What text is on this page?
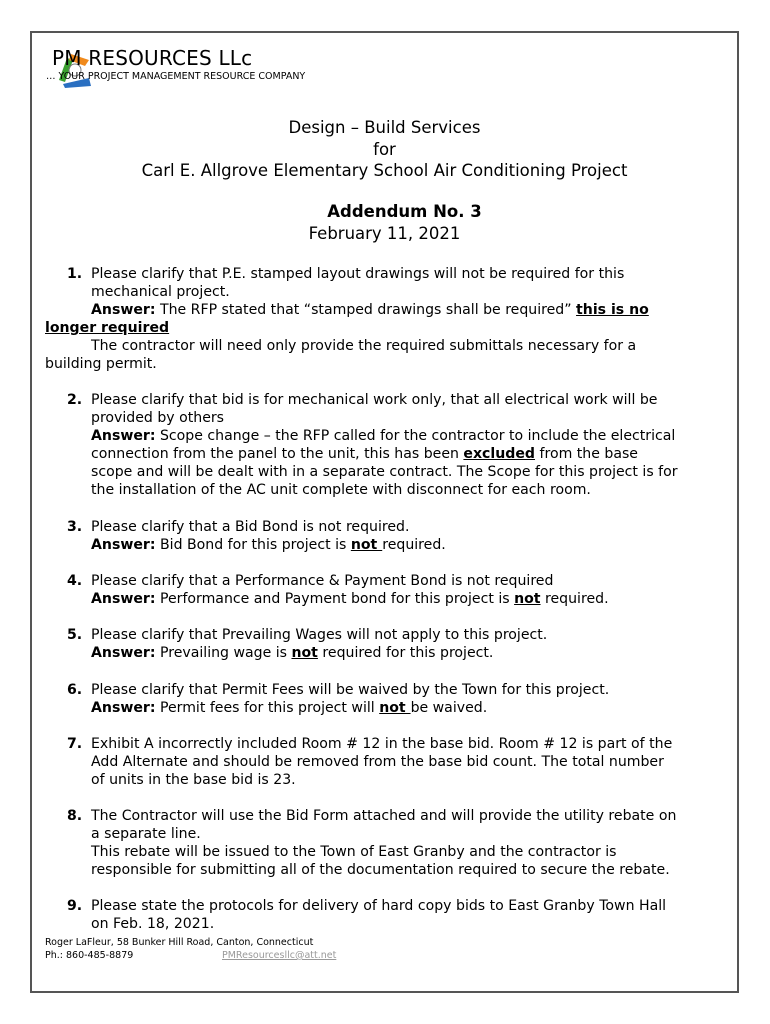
PM RESOURCES LLc
… YOUR PROJECT MANAGEMENT RESOURCE COMPANY
Design – Build Services
for
Carl E. Allgrove Elementary School Air Conditioning Project
Addendum No. 3
February 11, 2021
1. Please clarify that P.E. stamped layout drawings will not be required for this
mechanical project.
Answer: The RFP stated that “stamped drawings shall be required” this is no
longer required
The contractor will need only provide the required submittals necessary for a
building permit.
2. Please clarify that bid is for mechanical work only, that all electrical work will be
provided by others
Answer: Scope change – the RFP called for the contractor to include the electrical
connection from the panel to the unit, this has been excluded from the base
scope and will be dealt with in a separate contract. The Scope for this project is for
the installation of the AC unit complete with disconnect for each room.
3. Please clarify that a Bid Bond is not required.
Answer: Bid Bond for this project is not required.
4. Please clarify that a Performance & Payment Bond is not required
Answer: Performance and Payment bond for this project is not required.
5. Please clarify that Prevailing Wages will not apply to this project.
Answer: Prevailing wage is not required for this project.
6. Please clarify that Permit Fees will be waived by the Town for this project.
Answer: Permit fees for this project will not be waived.
7. Exhibit A incorrectly included Room # 12 in the base bid. Room # 12 is part of the
Add Alternate and should be removed from the base bid count. The total number
of units in the base bid is 23.
8. The Contractor will use the Bid Form attached and will provide the utility rebate on
a separate line.
This rebate will be issued to the Town of East Granby and the contractor is
responsible for submitting all of the documentation required to secure the rebate.
9. Please state the protocols for delivery of hard copy bids to East Granby Town Hall
on Feb. 18, 2021.
Roger LaFleur, 58 Bunker Hill Road, Canton, Connecticut
Ph.: 860-485-8879	PMResourcesllc@att.net
